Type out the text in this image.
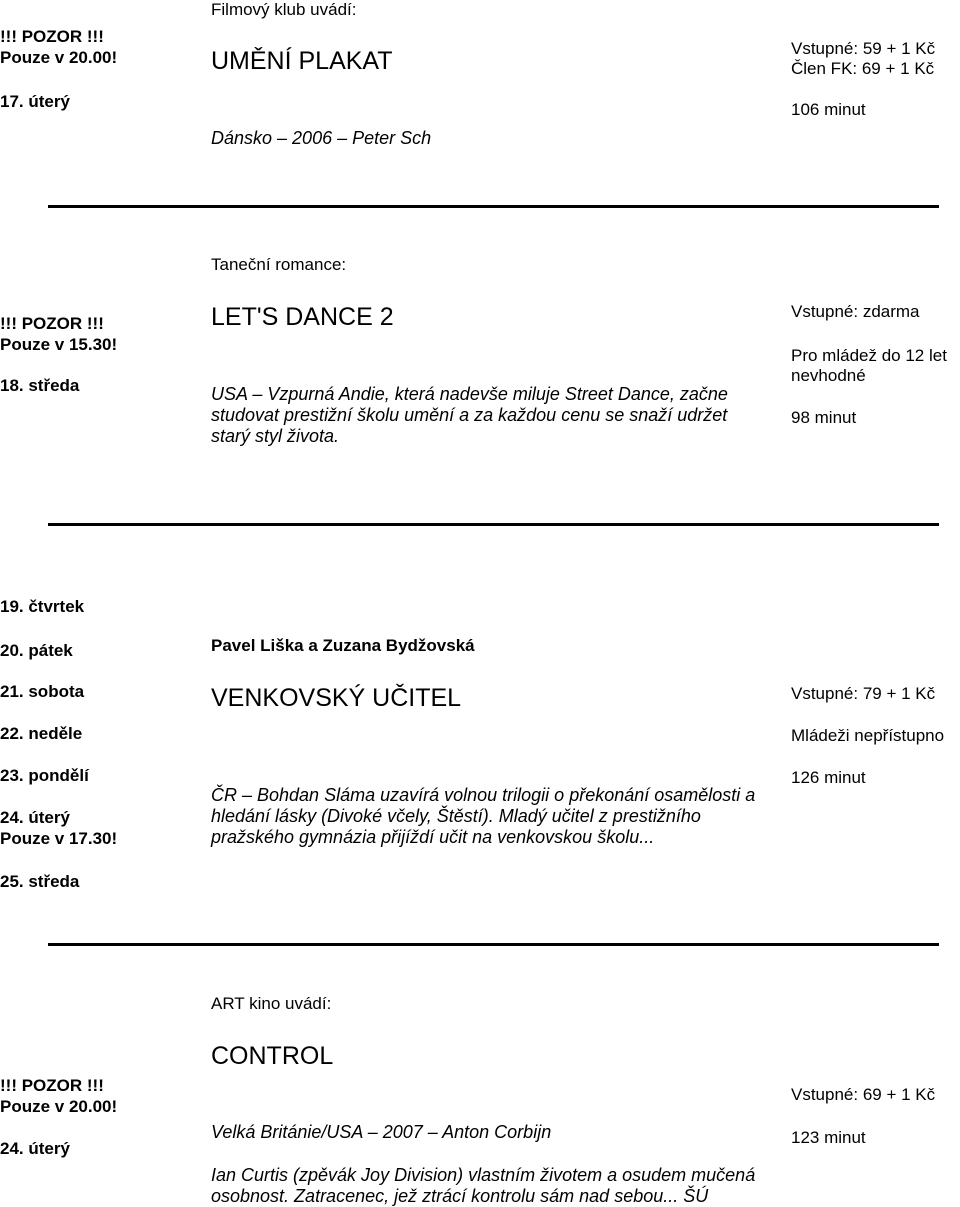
Filmový klub uvádí:
!!! POZOR !!!
Pouze v 20.00!
17. úterý
UMĚNÍ PLAKAT
Dánsko – 2006 – Peter Sch
Vstupné: 59 + 1 Kč
Člen FK: 69 + 1 Kč
106 minut
Taneční romance:
!!! POZOR !!!
Pouze v 15.30!
18. středa
LET'S DANCE 2
USA – Vzpurná Andie, která nadevše miluje Street Dance, začne studovat prestižní školu umění a za každou cenu se snaží udržet starý styl života.
Vstupné: zdarma
Pro mládež do 12 let nevhodné
98 minut
19. čtvrtek
20. pátek
21. sobota
22. neděle
23. pondělí
24. úterý
Pouze v 17.30!
25. středa
Pavel Liška a Zuzana Bydžovská
VENKOVSKÝ UČITEL
ČR – Bohdan Sláma uzavírá volnou trilogii o překonání osamělosti a hledání lásky (Divoké včely, Štěstí). Mladý učitel z prestižního pražského gymnázia přijíždí učit na venkovskou školu...
Vstupné: 79 + 1 Kč
Mládeži nepřístupno
126 minut
ART kino uvádí:
!!! POZOR !!!
Pouze v 20.00!
24. úterý
CONTROL
Velká Británie/USA – 2007 – Anton Corbijn
Ian Curtis (zpěvák Joy Division) vlastním životem a osudem mučená osobnost. Zatracenec, jež ztrácí kontrolu sám nad sebou... ŠÚ
Vstupné: 69 + 1 Kč
123 minut
